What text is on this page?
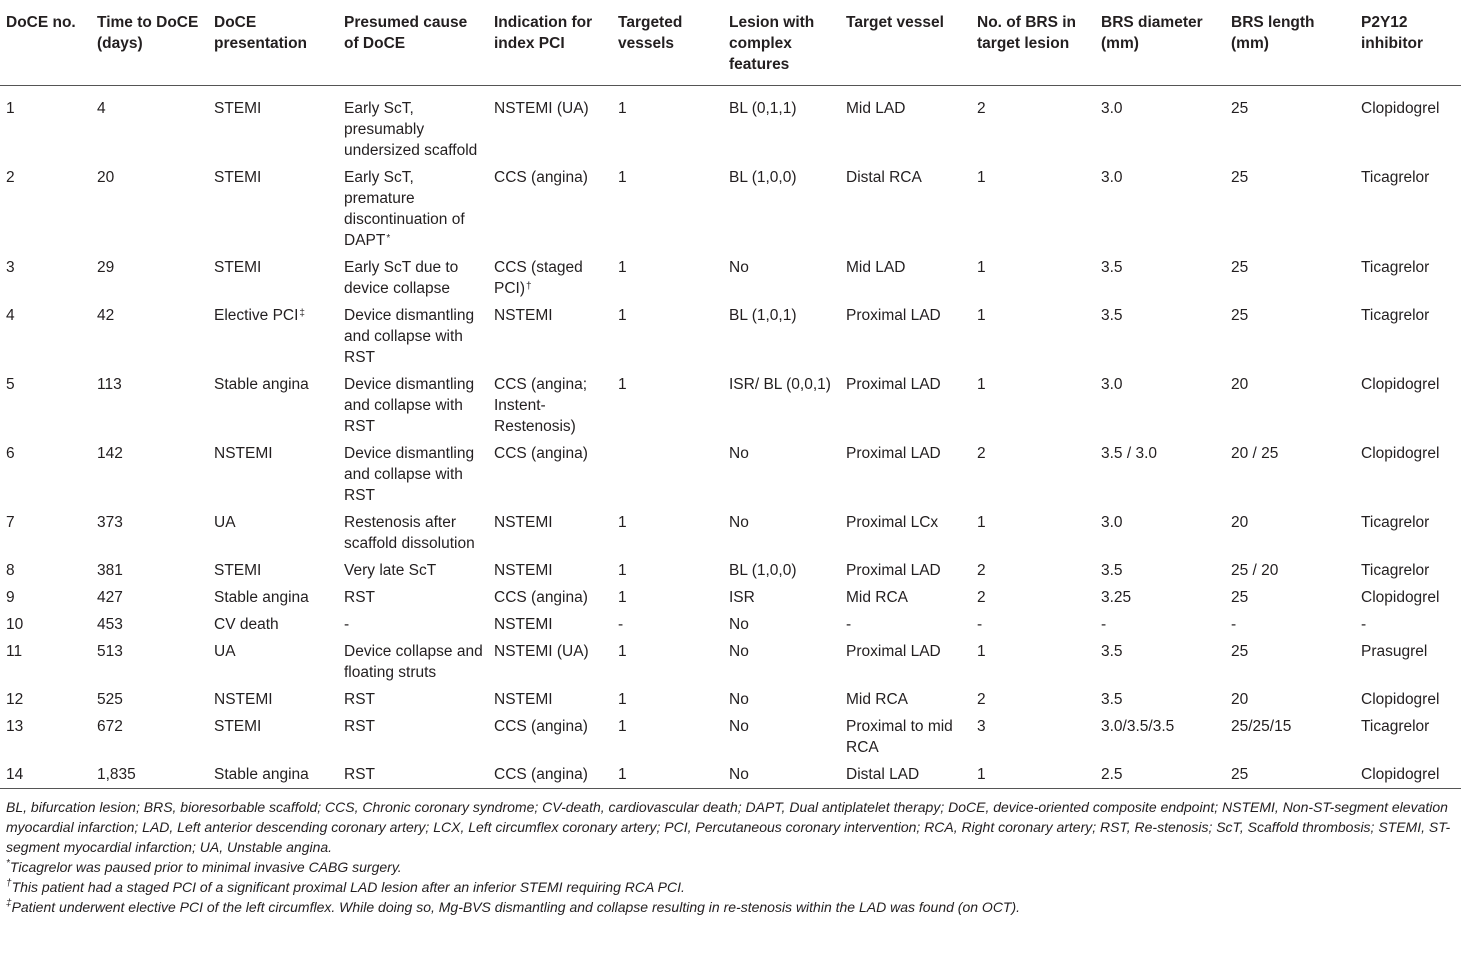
DoCE no.	Time to DoCE (days)	DoCE presentation	Presumed cause of DoCE	Indication for index PCI	Targeted vessels	Lesion with complex features	Target vessel	No. of BRS in target lesion	BRS diameter (mm)	BRS length (mm)	P2Y12 inhibitor
1	4	STEMI	Early ScT, presumably undersized scaffold	NSTEMI (UA)	1	BL (0,1,1)	Mid LAD	2	3.0	25	Clopidogrel
2	20	STEMI	Early ScT, premature discontinuation of DAPT*	CCS (angina)	1	BL (1,0,0)	Distal RCA	1	3.0	25	Ticagrelor
3	29	STEMI	Early ScT due to device collapse	CCS (staged PCI)†	1	No	Mid LAD	1	3.5	25	Ticagrelor
4	42	Elective PCI‡	Device dismantling and collapse with RST	NSTEMI	1	BL (1,0,1)	Proximal LAD	1	3.5	25	Ticagrelor
5	113	Stable angina	Device dismantling and collapse with RST	CCS (angina; Instent-Restenosis)	1	ISR/ BL (0,0,1)	Proximal LAD	1	3.0	20	Clopidogrel
6	142	NSTEMI	Device dismantling and collapse with RST	CCS (angina)		No	Proximal LAD	2	3.5 / 3.0	20 / 25	Clopidogrel
7	373	UA	Restenosis after scaffold dissolution	NSTEMI	1	No	Proximal LCx	1	3.0	20	Ticagrelor
8	381	STEMI	Very late ScT	NSTEMI	1	BL (1,0,0)	Proximal LAD	2	3.5	25 / 20	Ticagrelor
9	427	Stable angina	RST	CCS (angina)	1	ISR	Mid RCA	2	3.25	25	Clopidogrel
10	453	CV death	-	NSTEMI	-	No	-	-	-	-	-
11	513	UA	Device collapse and floating struts	NSTEMI (UA)	1	No	Proximal LAD	1	3.5	25	Prasugrel
12	525	NSTEMI	RST	NSTEMI	1	No	Mid RCA	2	3.5	20	Clopidogrel
13	672	STEMI	RST	CCS (angina)	1	No	Proximal to mid RCA	3	3.0/3.5/3.5	25/25/15	Ticagrelor
14	1,835	Stable angina	RST	CCS (angina)	1	No	Distal LAD	1	2.5	25	Clopidogrel

BL, bifurcation lesion; BRS, bioresorbable scaffold; CCS, Chronic coronary syndrome; CV-death, cardiovascular death; DAPT, Dual antiplatelet therapy; DoCE, device-oriented composite endpoint; NSTEMI, Non-ST-segment elevation myocardial infarction; LAD, Left anterior descending coronary artery; LCX, Left circumflex coronary artery; PCI, Percutaneous coronary intervention; RCA, Right coronary artery; RST, Re-stenosis; ScT, Scaffold thrombosis; STEMI, ST-segment myocardial infarction; UA, Unstable angina.

*Ticagrelor was paused prior to minimal invasive CABG surgery.

†This patient had a staged PCI of a significant proximal LAD lesion after an inferior STEMI requiring RCA PCI.

‡Patient underwent elective PCI of the left circumflex. While doing so, Mg-BVS dismantling and collapse resulting in re-stenosis within the LAD was found (on OCT).
